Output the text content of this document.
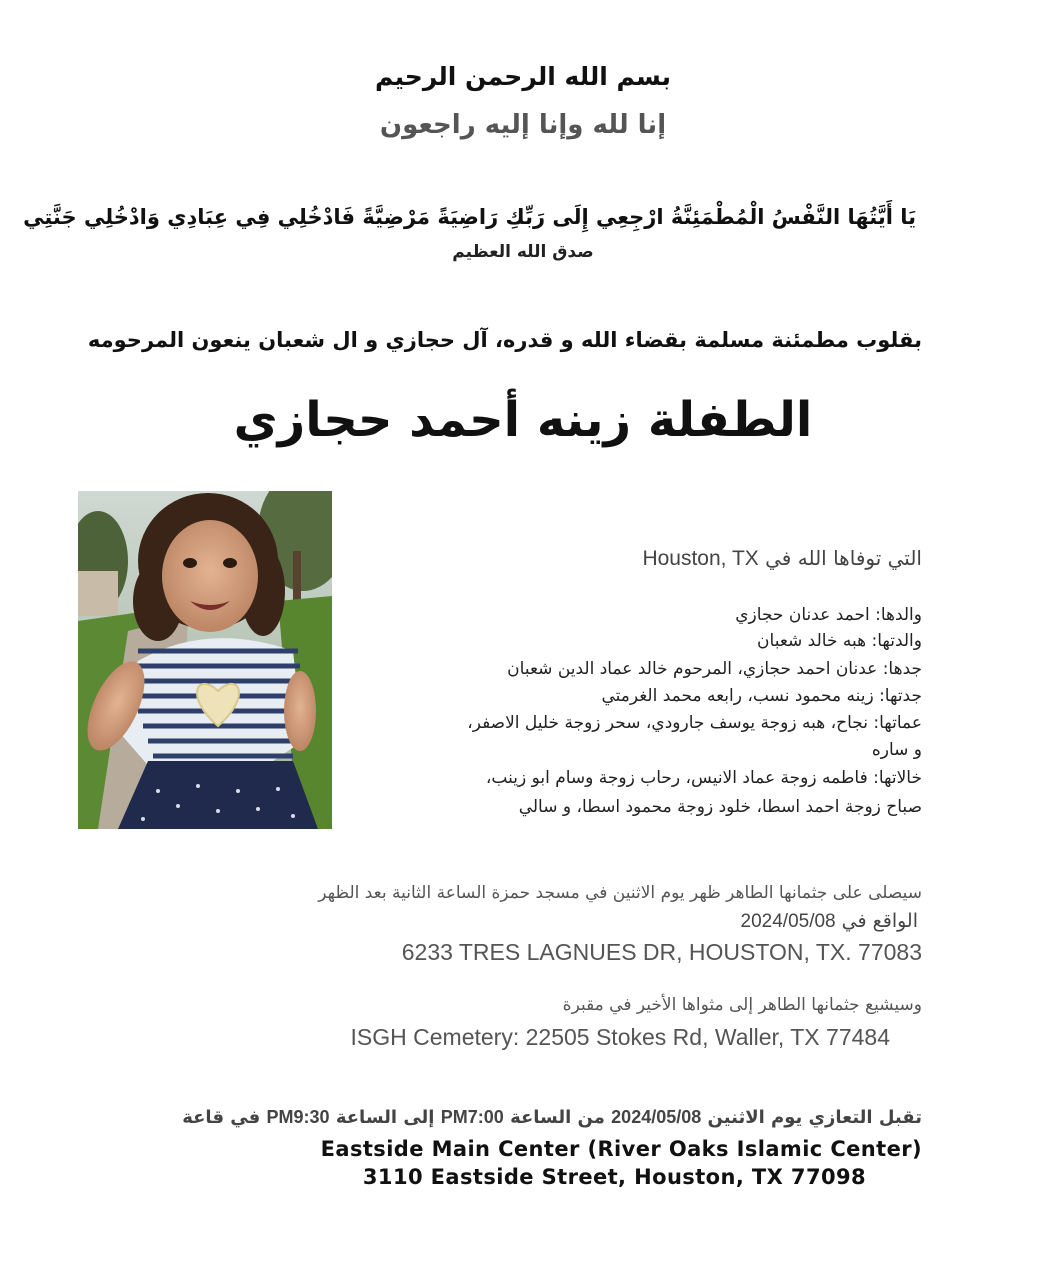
بسم الله الرحمن الرحيم
إنا لله وإنا إليه راجعون
يَا أَيَّتُهَا النَّفْسُ الْمُطْمَئِنَّةُ ارْجِعِي إِلَى رَبِّكِ رَاضِيَةً مَرْضِيَّةً فَادْخُلِي فِي عِبَادِي وَادْخُلِي جَنَّتِي
صدق الله العظيم
بقلوب مطمئنة مسلمة بقضاء الله و قدره، آل حجازي و ال شعبان ينعون المرحومه
الطفلة زينه أحمد حجازي
التي توفاها الله في Houston, TX
والدها: احمد عدنان حجازي
والدتها: هبه خالد شعبان
جدها: عدنان احمد حجازي، المرحوم خالد عماد الدين شعبان
جدتها: زينه محمود نسب، رابعه محمد الغرمتي
عماتها: نجاح، هبه زوجة يوسف جارودي، سحر زوجة خليل الاصفر،
و ساره
خالاتها: فاطمه زوجة عماد الانيس، رحاب زوجة وسام ابو زينب،
صباح زوجة احمد اسطا، خلود زوجة محمود اسطا، و سالي
سيصلى على جثمانها الطاهر ظهر يوم الاثنين في مسجد حمزة الساعة الثانية بعد الظهر
الواقع في 2024/05/08
6233 TRES LAGNUES DR, HOUSTON, TX. 77083
وسيشيع جثمانها الطاهر إلى مثواها الأخير في مقبرة
ISGH Cemetery: 22505 Stokes Rd, Waller, TX 77484
تقبل التعازي يوم الاثنين 2024/05/08 من الساعة PM7:00 إلى الساعة PM9:30 في قاعة
Eastside Main Center (River Oaks Islamic Center)
3110 Eastside Street, Houston, TX 77098
